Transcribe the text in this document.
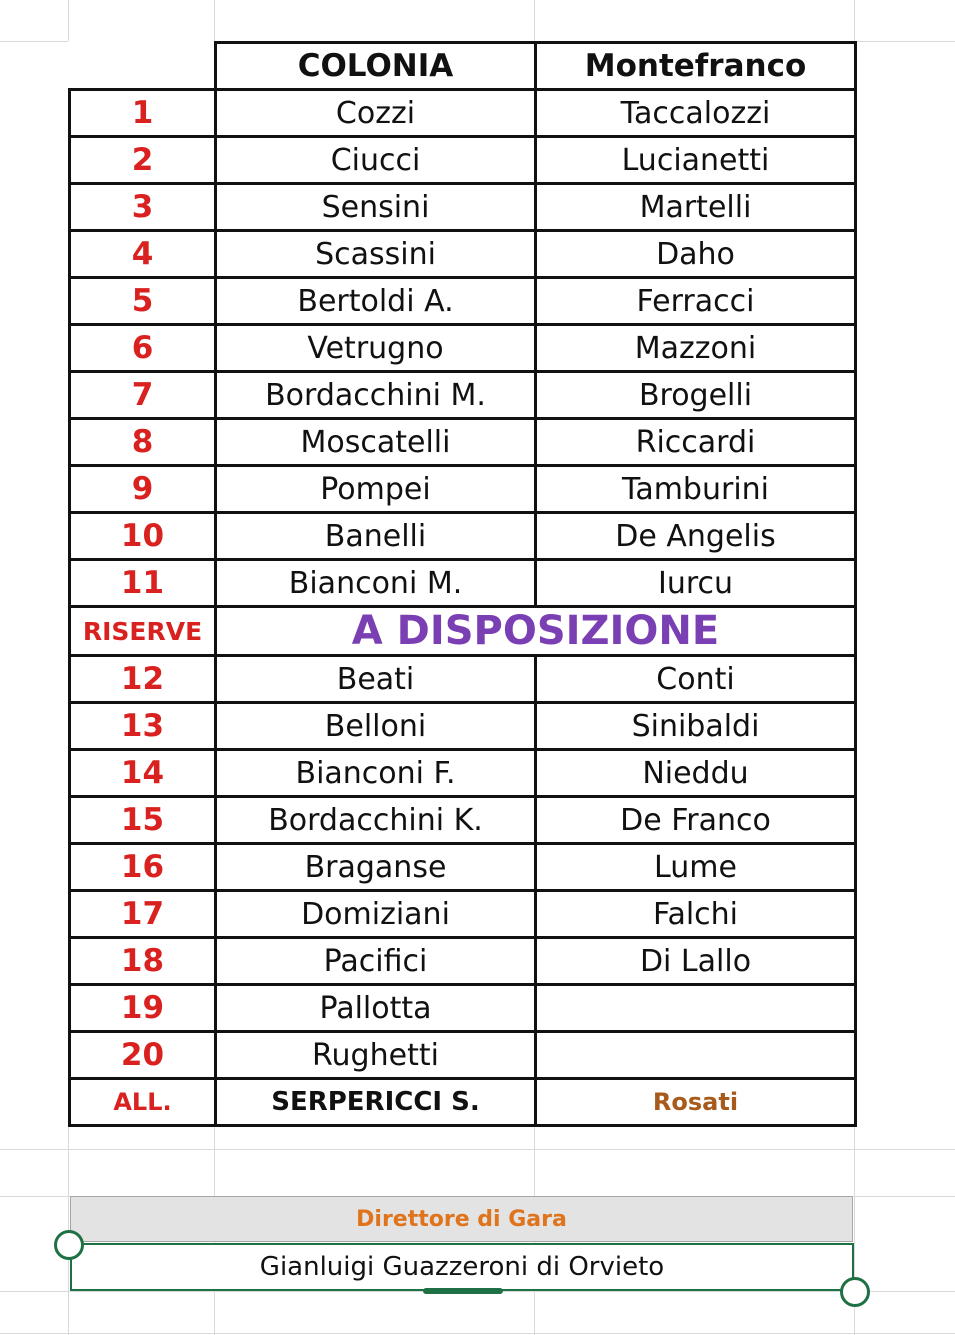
	COLONIA	Montefranco
1	Cozzi	Taccalozzi
2	Ciucci	Lucianetti
3	Sensini	Martelli
4	Scassini	Daho
5	Bertoldi A.	Ferracci
6	Vetrugno	Mazzoni
7	Bordacchini M.	Brogelli
8	Moscatelli	Riccardi
9	Pompei	Tamburini
10	Banelli	De Angelis
11	Bianconi M.	Iurcu
RISERVE	A DISPOSIZIONE	
12	Beati	Conti
13	Belloni	Sinibaldi
14	Bianconi F.	Nieddu
15	Bordacchini K.	De Franco
16	Braganse	Lume
17	Domiziani	Falchi
18	Pacifici	Di Lallo
19	Pallotta	
20	Rughetti	
ALL.	SERPERICCI S.	Rosati
Direttore di Gara
Gianluigi Guazzeroni di Orvieto
